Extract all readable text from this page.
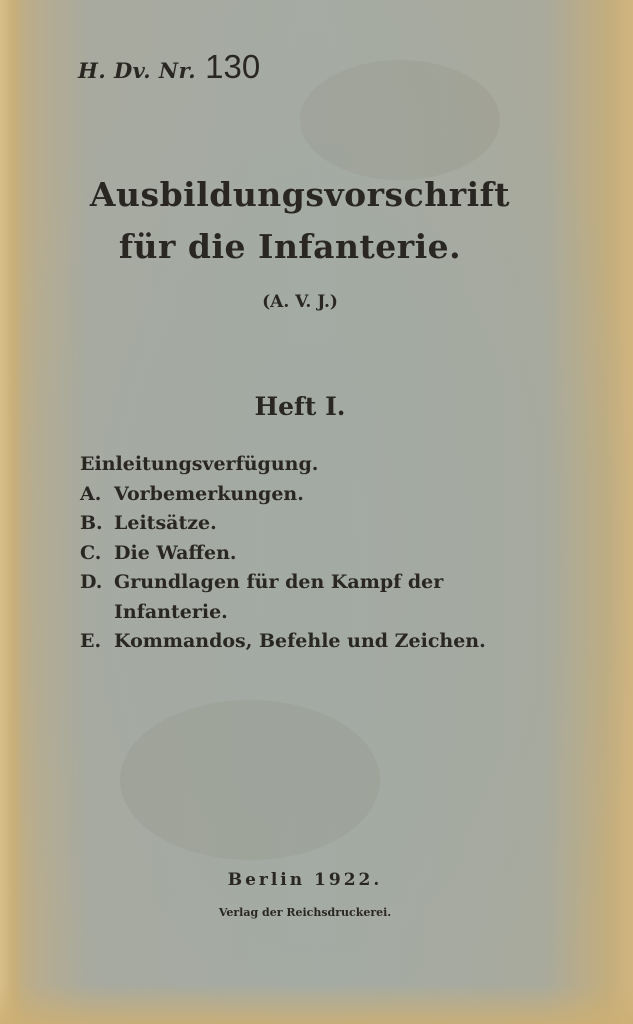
H. Dv. Nr. 130
Ausbildungsvorschrift
für die Infanterie.
(A. V. J.)
Heft I.
Einleitungsverfügung.
A. Vorbemerkungen.
B. Leitsätze.
C. Die Waffen.
D. Grundlagen für den Kampf der Infanterie.
E. Kommandos, Befehle und Zeichen.
Berlin 1922.
Verlag der Reichsdruckerei.
